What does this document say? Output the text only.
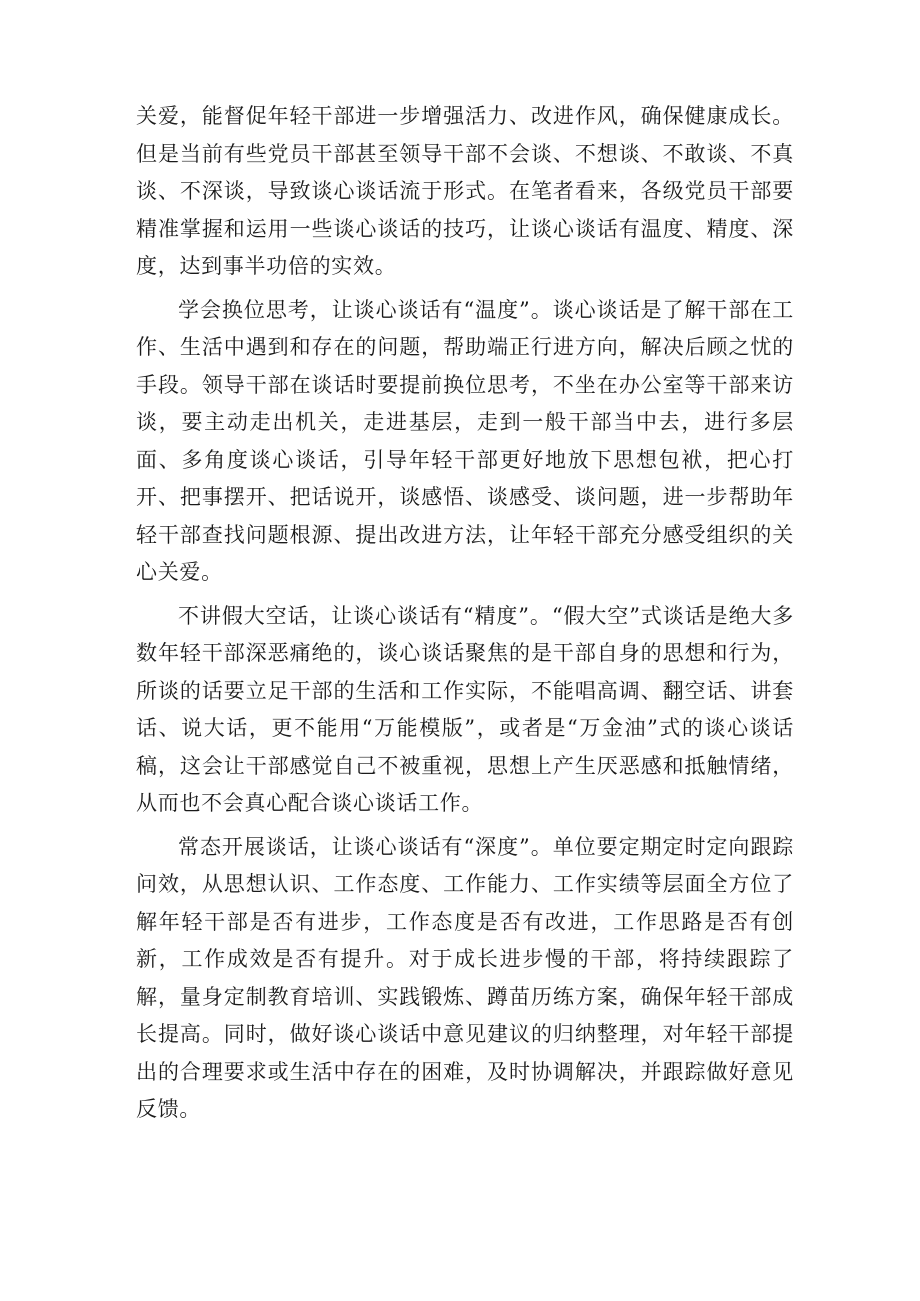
关爱，能督促年轻干部进一步增强活力、改进作风，确保健康成长。但是当前有些党员干部甚至领导干部不会谈、不想谈、不敢谈、不真谈、不深谈，导致谈心谈话流于形式。在笔者看来，各级党员干部要精准掌握和运用一些谈心谈话的技巧，让谈心谈话有温度、精度、深度，达到事半功倍的实效。

学会换位思考，让谈心谈话有“温度”。谈心谈话是了解干部在工作、生活中遇到和存在的问题，帮助端正行进方向，解决后顾之忧的手段。领导干部在谈话时要提前换位思考，不坐在办公室等干部来访谈，要主动走出机关，走进基层，走到一般干部当中去，进行多层面、多角度谈心谈话，引导年轻干部更好地放下思想包袱，把心打开、把事摆开、把话说开，谈感悟、谈感受、谈问题，进一步帮助年轻干部查找问题根源、提出改进方法，让年轻干部充分感受组织的关心关爱。

不讲假大空话，让谈心谈话有“精度”。“假大空”式谈话是绝大多数年轻干部深恶痛绝的，谈心谈话聚焦的是干部自身的思想和行为，所谈的话要立足干部的生活和工作实际，不能唱高调、翻空话、讲套话、说大话，更不能用“万能模版”，或者是“万金油”式的谈心谈话稿，这会让干部感觉自己不被重视，思想上产生厌恶感和抵触情绪，从而也不会真心配合谈心谈话工作。

常态开展谈话，让谈心谈话有“深度”。单位要定期定时定向跟踪问效，从思想认识、工作态度、工作能力、工作实绩等层面全方位了解年轻干部是否有进步，工作态度是否有改进，工作思路是否有创新，工作成效是否有提升。对于成长进步慢的干部，将持续跟踪了解，量身定制教育培训、实践锻炼、蹲苗历练方案，确保年轻干部成长提高。同时，做好谈心谈话中意见建议的归纳整理，对年轻干部提出的合理要求或生活中存在的困难，及时协调解决，并跟踪做好意见反馈。
